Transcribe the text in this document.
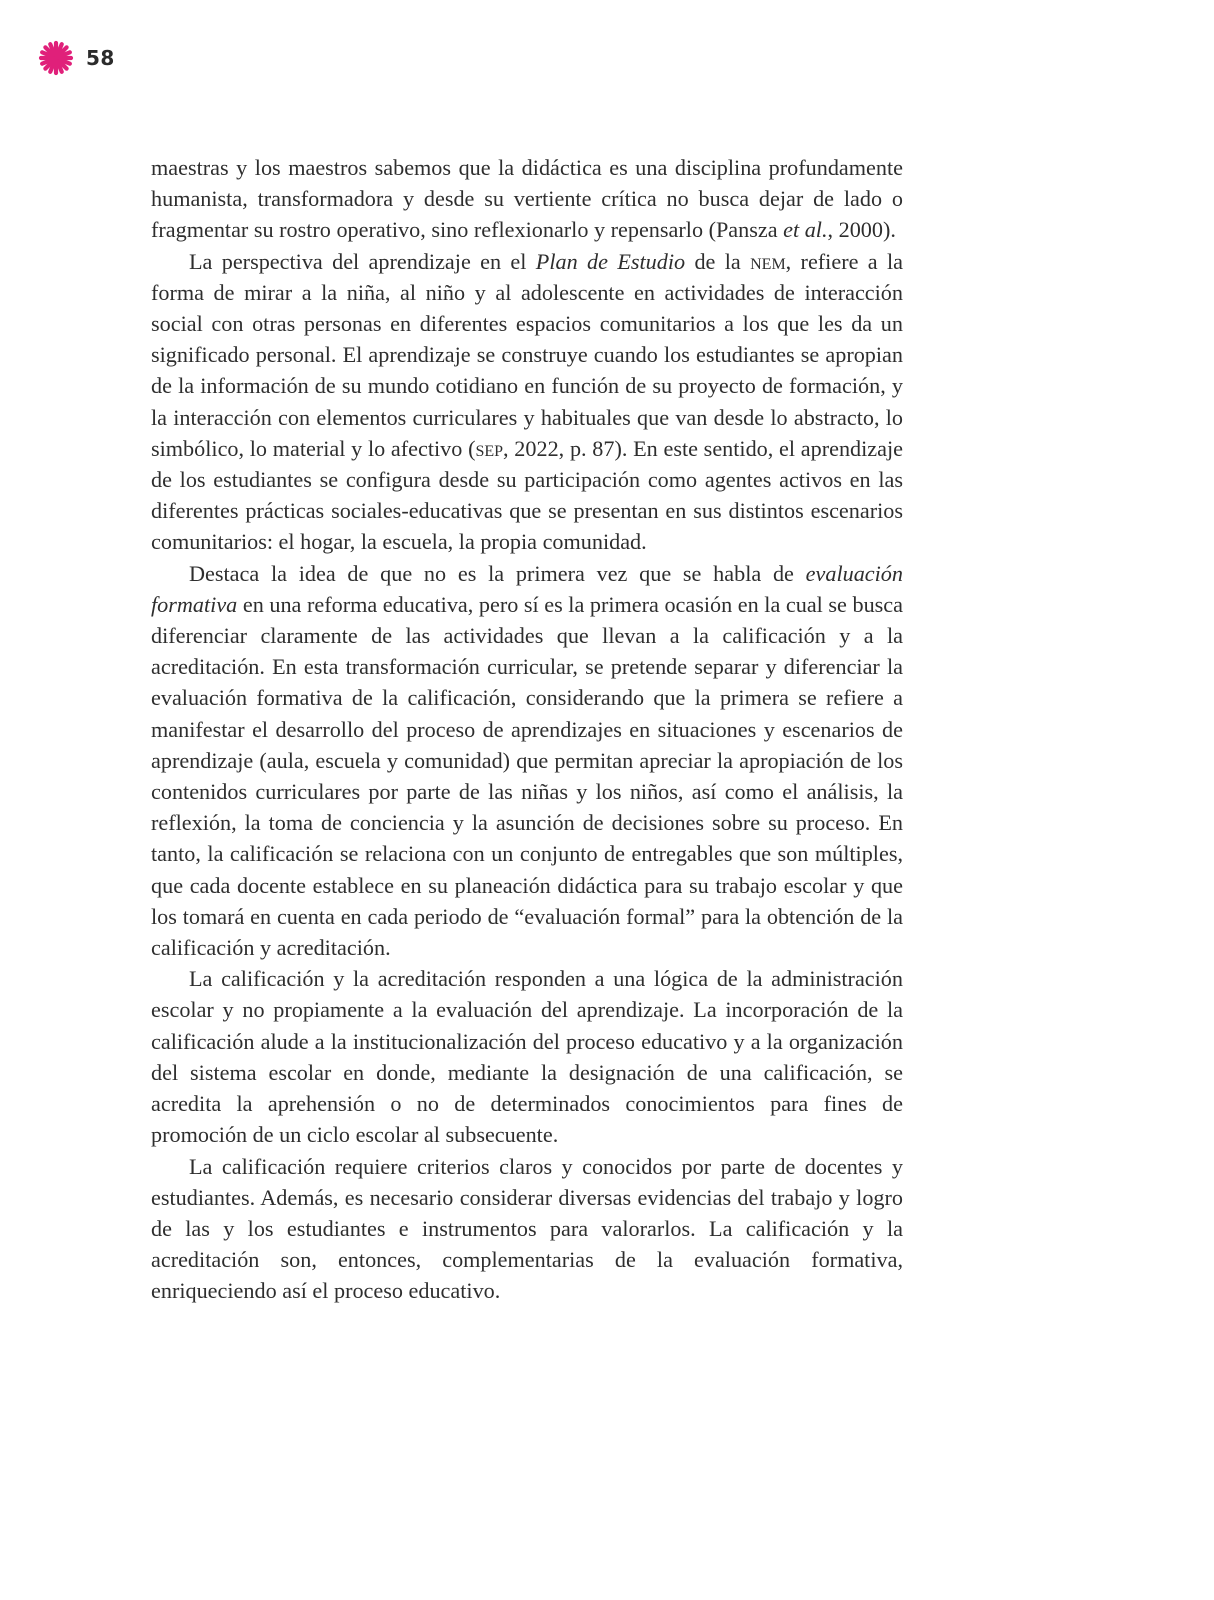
58

maestras y los maestros sabemos que la didáctica es una disciplina profundamente humanista, transformadora y desde su vertiente crítica no busca dejar de lado o fragmentar su rostro operativo, sino reflexionarlo y repensarlo (Pansza et al., 2000).

La perspectiva del aprendizaje en el Plan de Estudio de la nem, refiere a la forma de mirar a la niña, al niño y al adolescente en actividades de interacción social con otras personas en diferentes espacios comunitarios a los que les da un significado personal. El aprendizaje se construye cuando los estudiantes se apropian de la información de su mundo cotidiano en función de su proyecto de formación, y la interacción con elementos curriculares y habituales que van desde lo abstracto, lo simbólico, lo material y lo afectivo (sep, 2022, p. 87). En este sentido, el aprendizaje de los estudiantes se configura desde su participación como agentes activos en las diferentes prácticas sociales-educativas que se presentan en sus distintos escenarios comunitarios: el hogar, la escuela, la propia comunidad.

Destaca la idea de que no es la primera vez que se habla de evaluación formativa en una reforma educativa, pero sí es la primera ocasión en la cual se busca diferenciar claramente de las actividades que llevan a la calificación y a la acreditación. En esta transformación curricular, se pretende separar y diferenciar la evaluación formativa de la calificación, considerando que la primera se refiere a manifestar el desarrollo del proceso de aprendizajes en situaciones y escenarios de aprendizaje (aula, escuela y comunidad) que permitan apreciar la apropiación de los contenidos curriculares por parte de las niñas y los niños, así como el análisis, la reflexión, la toma de conciencia y la asunción de decisiones sobre su proceso. En tanto, la calificación se relaciona con un conjunto de entregables que son múltiples, que cada docente establece en su planeación didáctica para su trabajo escolar y que los tomará en cuenta en cada periodo de “evaluación formal” para la obtención de la calificación y acreditación.

La calificación y la acreditación responden a una lógica de la administración escolar y no propiamente a la evaluación del aprendizaje. La incorporación de la calificación alude a la institucionalización del proceso educativo y a la organización del sistema escolar en donde, mediante la designación de una calificación, se acredita la aprehensión o no de determinados conocimientos para fines de promoción de un ciclo escolar al subsecuente.

La calificación requiere criterios claros y conocidos por parte de docentes y estudiantes. Además, es necesario considerar diversas evidencias del trabajo y logro de las y los estudiantes e instrumentos para valorarlos. La calificación y la acreditación son, entonces, complementarias de la evaluación formativa, enriqueciendo así el proceso educativo.
